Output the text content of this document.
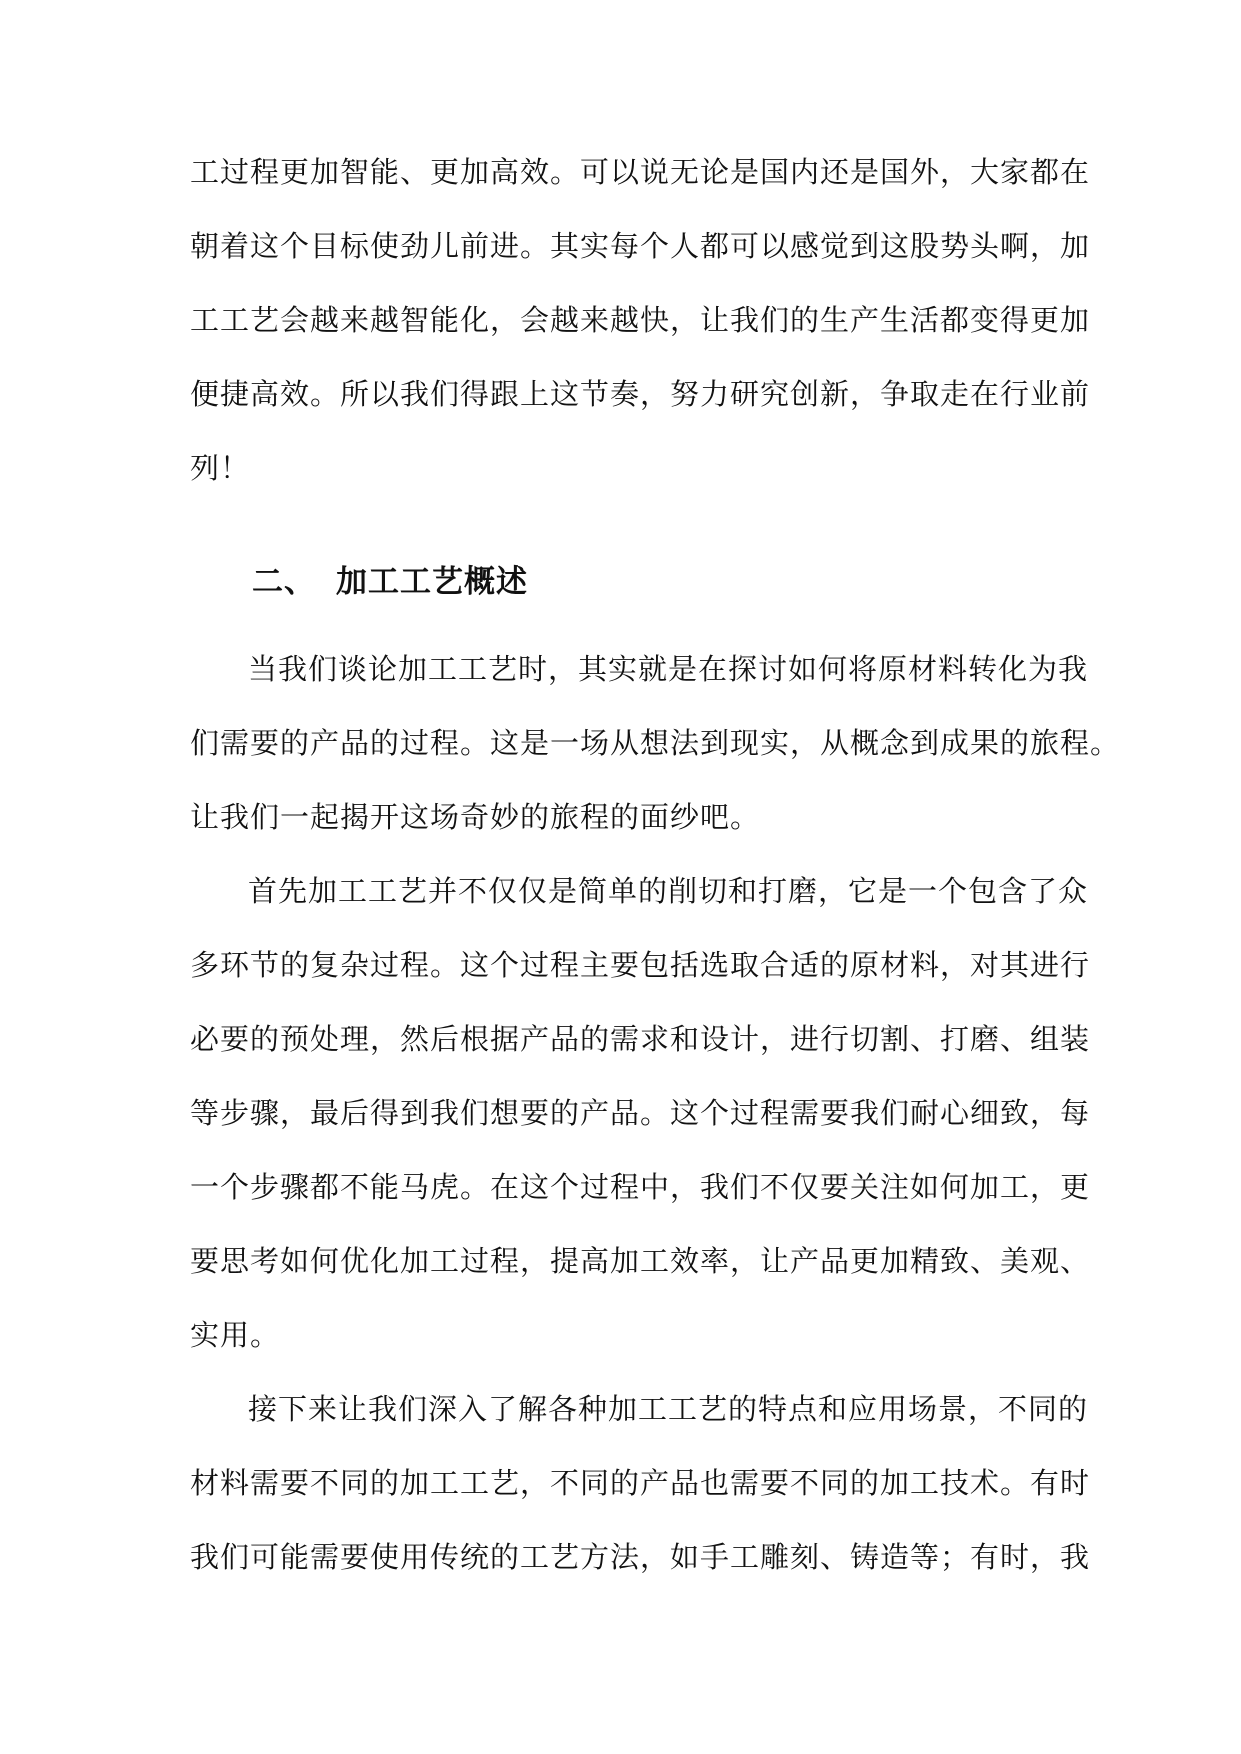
工过程更加智能、更加高效。可以说无论是国内还是国外，大家都在
朝着这个目标使劲儿前进。其实每个人都可以感觉到这股势头啊，加
工工艺会越来越智能化，会越来越快，让我们的生产生活都变得更加
便捷高效。所以我们得跟上这节奏，努力研究创新，争取走在行业前
列！
二、 加工工艺概述
当我们谈论加工工艺时，其实就是在探讨如何将原材料转化为我
们需要的产品的过程。这是一场从想法到现实，从概念到成果的旅程。
让我们一起揭开这场奇妙的旅程的面纱吧。
首先加工工艺并不仅仅是简单的削切和打磨，它是一个包含了众
多环节的复杂过程。这个过程主要包括选取合适的原材料，对其进行
必要的预处理，然后根据产品的需求和设计，进行切割、打磨、组装
等步骤，最后得到我们想要的产品。这个过程需要我们耐心细致，每
一个步骤都不能马虎。在这个过程中，我们不仅要关注如何加工，更
要思考如何优化加工过程，提高加工效率，让产品更加精致、美观、
实用。
接下来让我们深入了解各种加工工艺的特点和应用场景，不同的
材料需要不同的加工工艺，不同的产品也需要不同的加工技术。有时
我们可能需要使用传统的工艺方法，如手工雕刻、铸造等；有时，我
